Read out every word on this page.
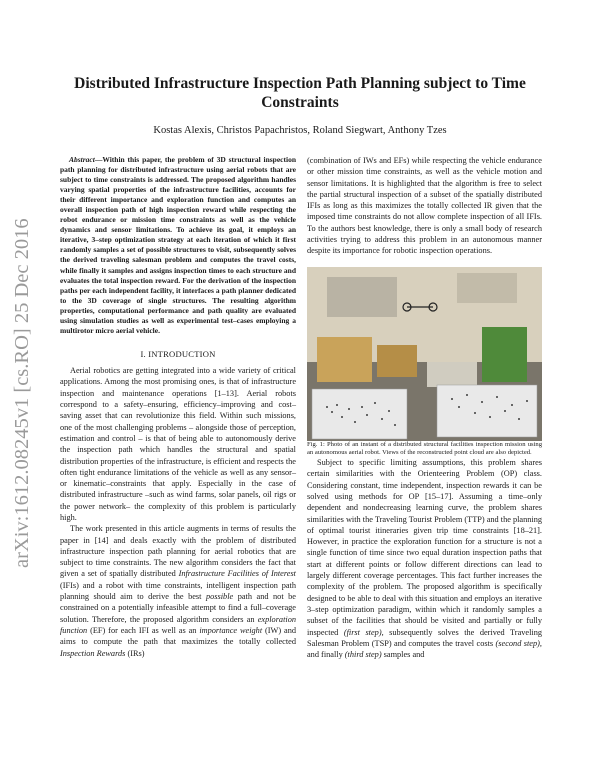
arXiv:1612.08245v1 [cs.RO] 25 Dec 2016
Distributed Infrastructure Inspection Path Planning subject to Time Constraints
Kostas Alexis, Christos Papachristos, Roland Siegwart, Anthony Tzes

Abstract—Within this paper, the problem of 3D structural inspection path planning for distributed infrastructure using aerial robots that are subject to time constraints is addressed. The proposed algorithm handles varying spatial properties of the infrastructure facilities, accounts for their different importance and exploration function and computes an overall inspection path of high inspection reward while respecting the robot endurance or mission time constraints as well as the vehicle dynamics and sensor limitations. To achieve its goal, it employs an iterative, 3–step optimization strategy at each iteration of which it first randomly samples a set of possible structures to visit, subsequently solves the derived traveling salesman problem and computes the travel costs, while finally it samples and assigns inspection times to each structure and evaluates the total inspection reward. For the derivation of the inspection paths per each independent facility, it interfaces a path planner dedicated to the 3D coverage of single structures. The resulting algorithm properties, computational performance and path quality are evaluated using simulation studies as well as experimental test–cases employing a multirotor micro aerial vehicle.

I. INTRODUCTION

Aerial robotics are getting integrated into a wide variety of critical applications. Among the most promising ones, is that of infrastructure inspection and maintenance operations [1–13]. Aerial robots correspond to a safety–ensuring, efficiency–improving and cost–saving asset that can revolutionize this field. Within such missions, one of the most challenging problems – alongside those of perception, estimation and control – is that of being able to autonomously derive the inspection path which handles the structural and spatial distribution properties of the infrastructure, is efficient and respects the often tight endurance limitations of the vehicle as well as any sensor– or kinematic–constraints that apply. Especially in the case of distributed infrastructure –such as wind farms, solar panels, oil rigs or the power network– the complexity of this problem is particularly high.

The work presented in this article augments in terms of results the paper in [14] and deals exactly with the problem of distributed infrastructure inspection path planning for aerial robotics that are subject to time constraints. The new algorithm considers the fact that given a set of spatially distributed Infrastructure Facilities of Interest (IFIs) and a robot with time constraints, intelligent inspection path planning should aim to derive the best possible path and not be constrained on a potentially infeasible attempt to find a full–coverage solution. Therefore, the proposed algorithm considers an exploration function (EF) for each IFI as well as an importance weight (IW) and aims to compute the path that maximizes the totally collected Inspection Rewards (IRs)

(combination of IWs and EFs) while respecting the vehicle endurance or other mission time constraints, as well as the vehicle motion and sensor limitations. It is highlighted that the algorithm is free to select the partial structural inspection of a subset of the spatially distributed IFIs as long as this maximizes the totally collected IR given that the imposed time constraints do not allow complete inspection of all IFIs. To the authors best knowledge, there is only a small body of research activities trying to address this problem in an autonomous manner despite its importance for robotic inspection operations.

Fig. 1: Photo of an instant of a distributed structural facilities inspection mission using an autonomous aerial robot. Views of the reconstructed point cloud are also depicted.

Subject to specific limiting assumptions, this problem shares certain similarities with the Orienteering Problem (OP) class. Considering constant, time independent, inspection rewards it can be solved using methods for OP [15–17]. Assuming a time–only dependent and nondecreasing learning curve, the problem shares similarities with the Traveling Tourist Problem (TTP) and the planning of optimal tourist itineraries given trip time constraints [18–21]. However, in practice the exploration function for a structure is not a single function of time since two equal duration inspection paths that start at different points or follow different directions can lead to largely different coverage percentages. This fact further increases the complexity of the problem. The proposed algorithm is specifically designed to be able to deal with this situation and employs an iterative 3–step optimization paradigm, within which it randomly samples a subset of the facilities that should be visited and partially or fully inspected (first step), subsequently solves the derived Traveling Salesman Problem (TSP) and computes the travel costs (second step), and finally (third step) samples and
